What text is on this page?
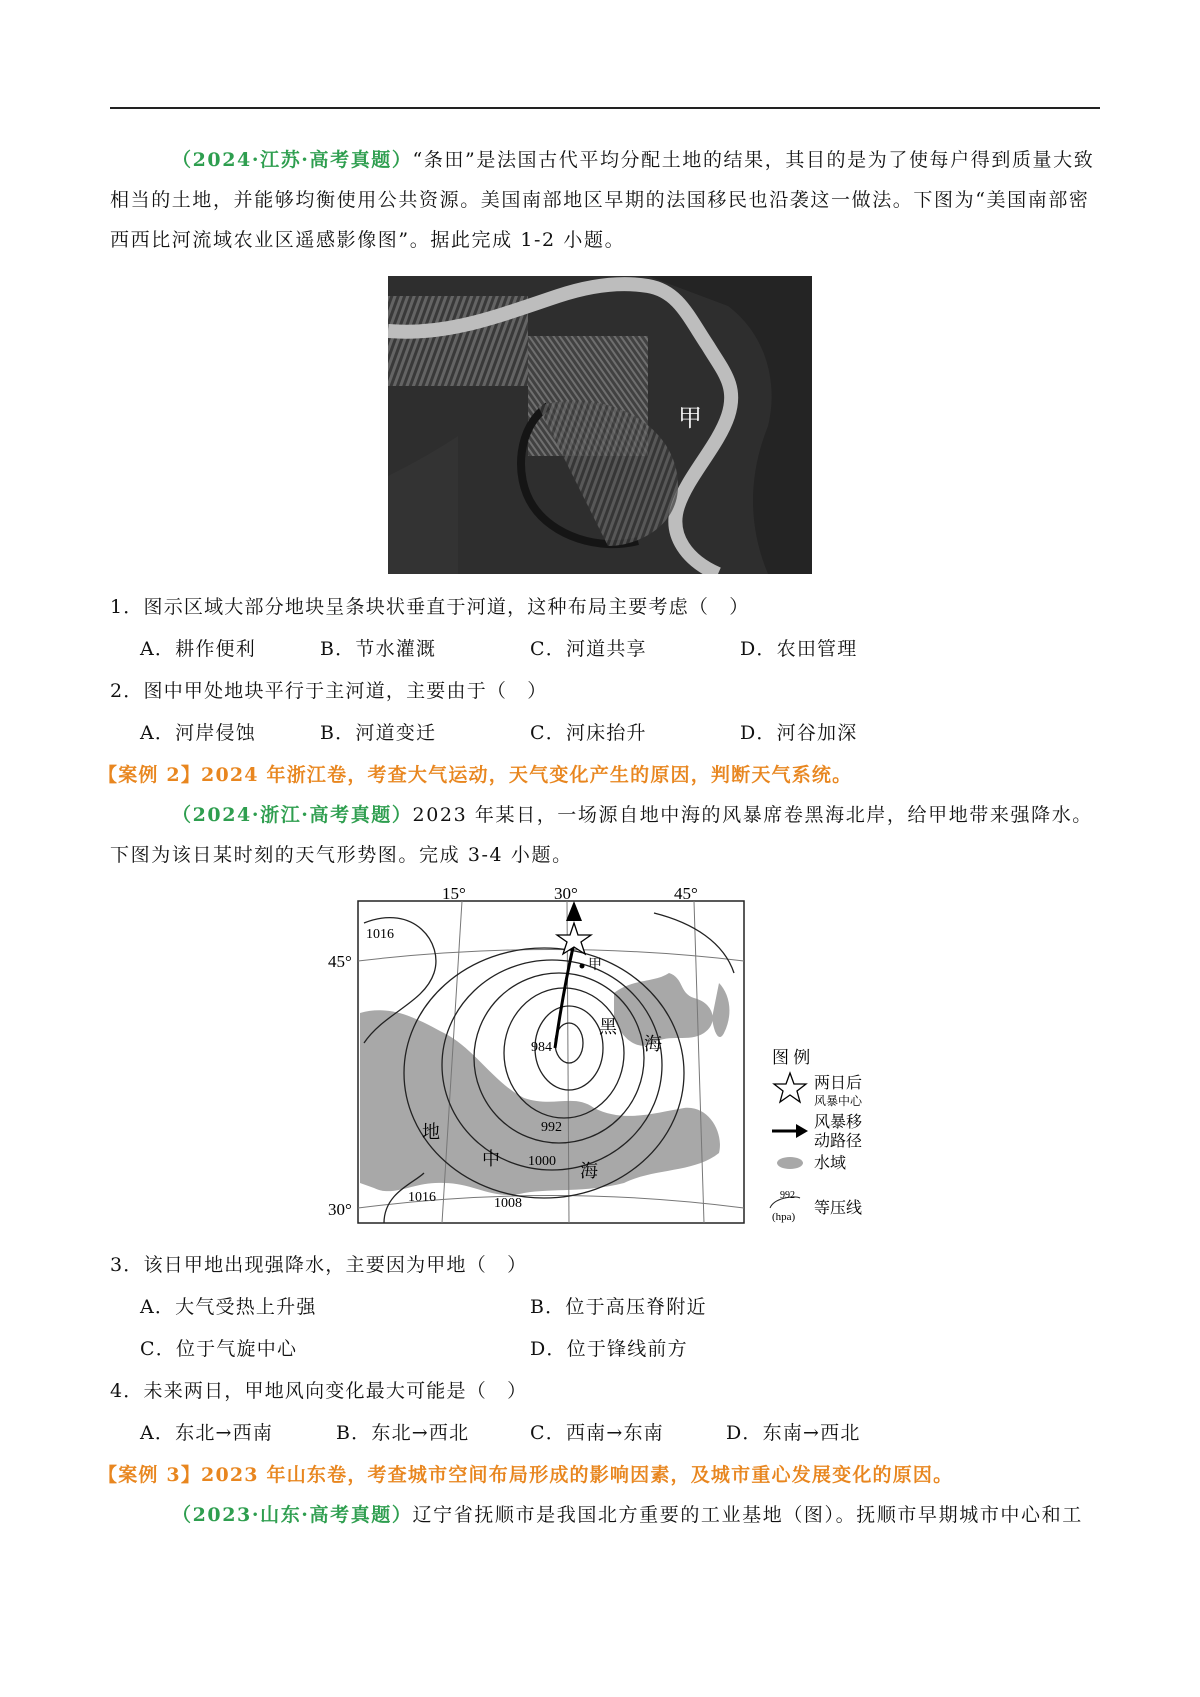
（2024·江苏·高考真题）“条田”是法国古代平均分配土地的结果，其目的是为了使每户得到质量大致相当的土地，并能够均衡使用公共资源。美国南部地区早期的法国移民也沿袭这一做法。下图为“美国南部密西西比河流域农业区遥感影像图”。据此完成 1-2 小题。
甲
1．图示区域大部分地块呈条块状垂直于河道，这种布局主要考虑（　）
A．耕作便利	B．节水灌溉	C．河道共享	D．农田管理
2．图中甲处地块平行于主河道，主要由于（　）
A．河岸侵蚀	B．河道变迁	C．河床抬升	D．河谷加深
【案例 2】2024 年浙江卷，考查大气运动，天气变化产生的原因，判断天气系统。
（2024·浙江·高考真题）2023 年某日，一场源自地中海的风暴席卷黑海北岸，给甲地带来强降水。下图为该日某时刻的天气形势图。完成 3-4 小题。
15°	30°	45°
45°
30°
1016
984
992
1000
1008
1016
甲
黑
海
地
中
海
图 例
两日后
风暴中心
风暴移
动路径
水域
992
(hpa) 等压线
3．该日甲地出现强降水，主要因为甲地（　）
A．大气受热上升强	B．位于高压脊附近
C．位于气旋中心	D．位于锋线前方
4．未来两日，甲地风向变化最大可能是（　）
A．东北→西南	B．东北→西北	C．西南→东南	D．东南→西北
【案例 3】2023 年山东卷，考查城市空间布局形成的影响因素，及城市重心发展变化的原因。
（2023·山东·高考真题）辽宁省抚顺市是我国北方重要的工业基地（图）。抚顺市早期城市中心和工
